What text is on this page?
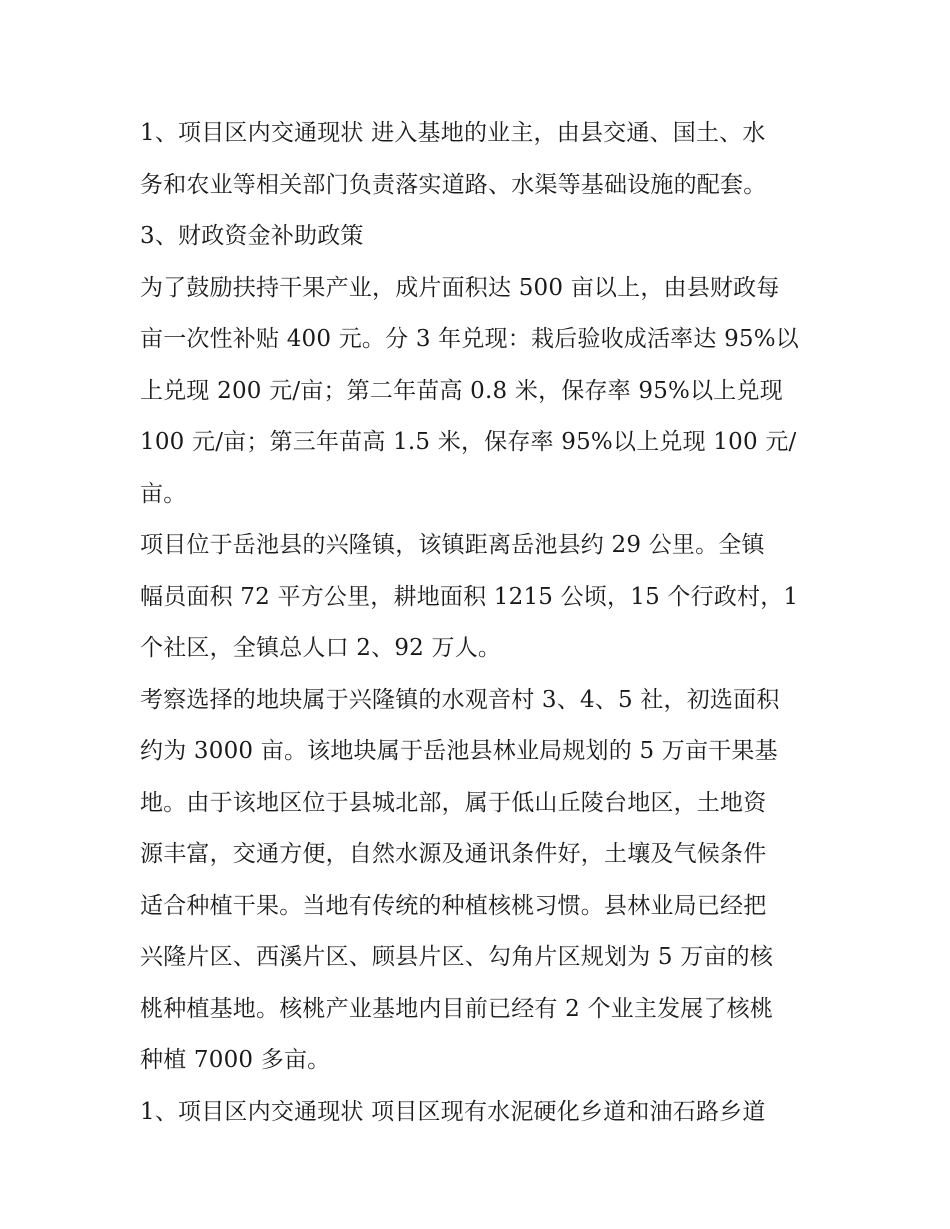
1、项目区内交通现状 进入基地的业主，由县交通、国土、水
务和农业等相关部门负责落实道路、水渠等基础设施的配套。
3、财政资金补助政策
为了鼓励扶持干果产业，成片面积达 500 亩以上，由县财政每
亩一次性补贴 400 元。分 3 年兑现：栽后验收成活率达 95%以
上兑现 200 元/亩；第二年苗高 0.8 米，保存率 95%以上兑现
100 元/亩；第三年苗高 1.5 米，保存率 95%以上兑现 100 元/
亩。
项目位于岳池县的兴隆镇，该镇距离岳池县约 29 公里。全镇
幅员面积 72 平方公里，耕地面积 1215 公顷，15 个行政村，1
个社区，全镇总人口 2、92 万人。
考察选择的地块属于兴隆镇的水观音村 3、4、5 社，初选面积
约为 3000 亩。该地块属于岳池县林业局规划的 5 万亩干果基
地。由于该地区位于县城北部，属于低山丘陵台地区，土地资
源丰富，交通方便，自然水源及通讯条件好，土壤及气候条件
适合种植干果。当地有传统的种植核桃习惯。县林业局已经把
兴隆片区、西溪片区、顾县片区、勾角片区规划为 5 万亩的核
桃种植基地。核桃产业基地内目前已经有 2 个业主发展了核桃
种植 7000 多亩。
1、项目区内交通现状 项目区现有水泥硬化乡道和油石路乡道
